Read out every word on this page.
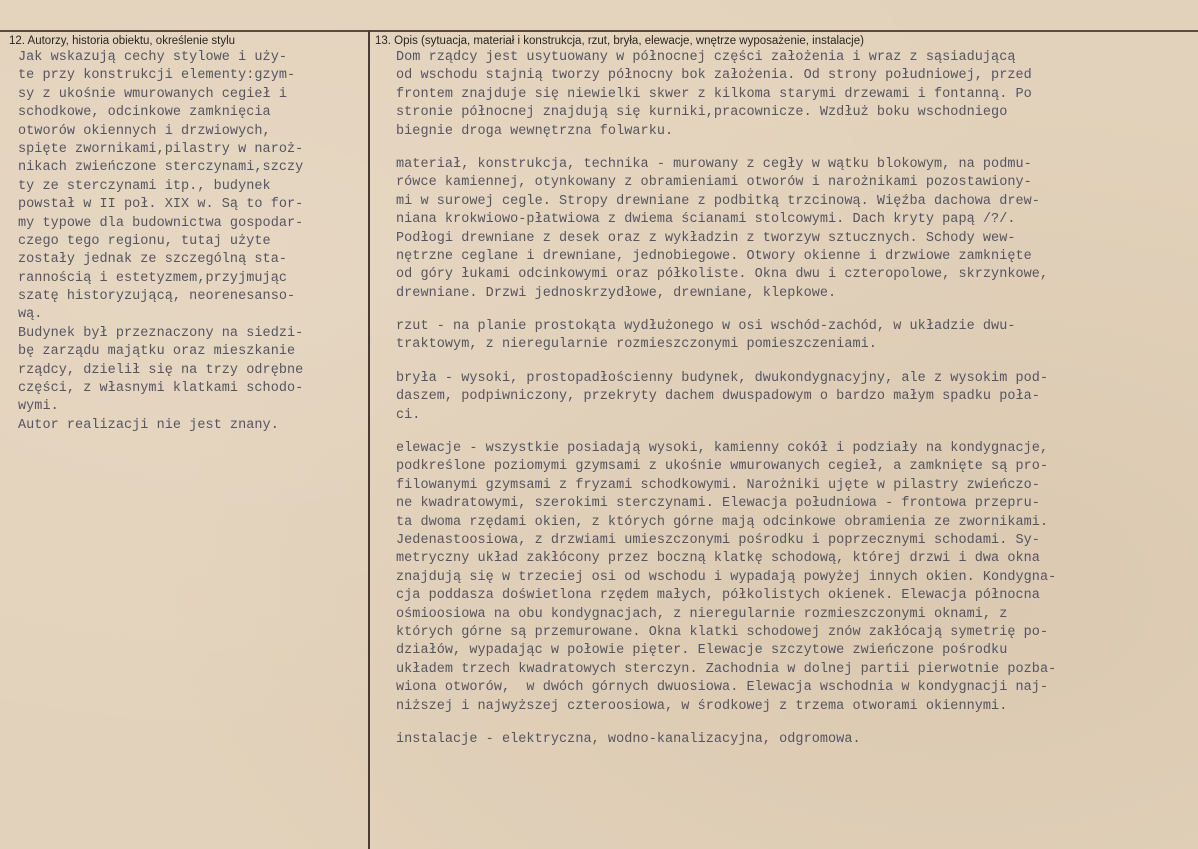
12. Autorzy, historia obiektu, określenie stylu	13. Opis (sytuacja, materiał i konstrukcja, rzut, bryła, elewacje, wnętrze wyposażenie, instalacje)
Jak wskazują cechy stylowe i uży-
te przy konstrukcji elementy:gzym-
sy z ukośnie wmurowanych cegieł i
schodkowe, odcinkowe zamknięcia
otworów okiennych i drzwiowych,
spięte zwornikami,pilastry w naroż-
nikach zwieńczone sterczynami,szczy
ty ze sterczynami itp., budynek
powstał w II poł. XIX w. Są to for-
my typowe dla budownictwa gospodar-
czego tego regionu, tutaj użyte
zostały jednak ze szczególną sta-
rannością i estetyzmem,przyjmując
szatę historyzującą, neorenesanso-
wą.
Budynek był przeznaczony na siedzi-
bę zarządu majątku oraz mieszkanie
rządcy, dzielił się na trzy odrębne
części, z własnymi klatkami schodo-
wymi.
Autor realizacji nie jest znany.
Dom rządcy jest usytuowany w północnej części założenia i wraz z sąsiadującą
od wschodu stajnią tworzy północny bok założenia. Od strony południowej, przed
frontem znajduje się niewielki skwer z kilkoma starymi drzewami i fontanną. Po
stronie północnej znajdują się kurniki,pracownicze. Wzdłuż boku wschodniego
biegnie droga wewnętrzna folwarku.
materiał, konstrukcja, technika - murowany z cegły w wątku blokowym, na podmu-
rówce kamiennej, otynkowany z obramieniami otworów i narożnikami pozostawiony-
mi w surowej cegle. Stropy drewniane z podbitką trzcinową. Więźba dachowa drew-
niana krokwiowo-płatwiowa z dwiema ścianami stolcowymi. Dach kryty papą /?/.
Podłogi drewniane z desek oraz z wykładzin z tworzyw sztucznych. Schody wew-
nętrzne ceglane i drewniane, jednobiegowe. Otwory okienne i drzwiowe zamknięte
od góry łukami odcinkowymi oraz półkoliste. Okna dwu i czteropolowe, skrzynkowe,
drewniane. Drzwi jednoskrzydłowe, drewniane, klepkowe.
rzut - na planie prostokąta wydłużonego w osi wschód-zachód, w układzie dwu-
traktowym, z nieregularnie rozmieszczonymi pomieszczeniami.
bryła - wysoki, prostopadłościenny budynek, dwukondygnacyjny, ale z wysokim pod-
daszem, podpiwniczony, przekryty dachem dwuspadowym o bardzo małym spadku poła-
ci.
elewacje - wszystkie posiadają wysoki, kamienny cokół i podziały na kondygnacje,
podkreślone poziomymi gzymsami z ukośnie wmurowanych cegieł, a zamknięte są pro-
filowanymi gzymsami z fryzami schodkowymi. Narożniki ujęte w pilastry zwieńczo-
ne kwadratowymi, szerokimi sterczynami. Elewacja południowa - frontowa przepru-
ta dwoma rzędami okien, z których górne mają odcinkowe obramienia ze zwornikami.
Jedenastoosiowa, z drzwiami umieszczonymi pośrodku i poprzecznymi schodami. Sy-
metryczny układ zakłócony przez boczną klatkę schodową, której drzwi i dwa okna
znajdują się w trzeciej osi od wschodu i wypadają powyżej innych okien. Kondygna-
cja poddasza doświetlona rzędem małych, półkolistych okienek. Elewacja północna
ośmioosiowa na obu kondygnacjach, z nieregularnie rozmieszczonymi oknami, z
których górne są przemurowane. Okna klatki schodowej znów zakłócają symetrię po-
działów, wypadając w połowie pięter. Elewacje szczytowe zwieńczone pośrodku
układem trzech kwadratowych sterczyn. Zachodnia w dolnej partii pierwotnie pozba-
wiona otworów,  w dwóch górnych dwuosiowa. Elewacja wschodnia w kondygnacji naj-
niższej i najwyższej czteroosiowa, w środkowej z trzema otworami okiennymi.
instalacje - elektryczna, wodno-kanalizacyjna, odgromowa.
